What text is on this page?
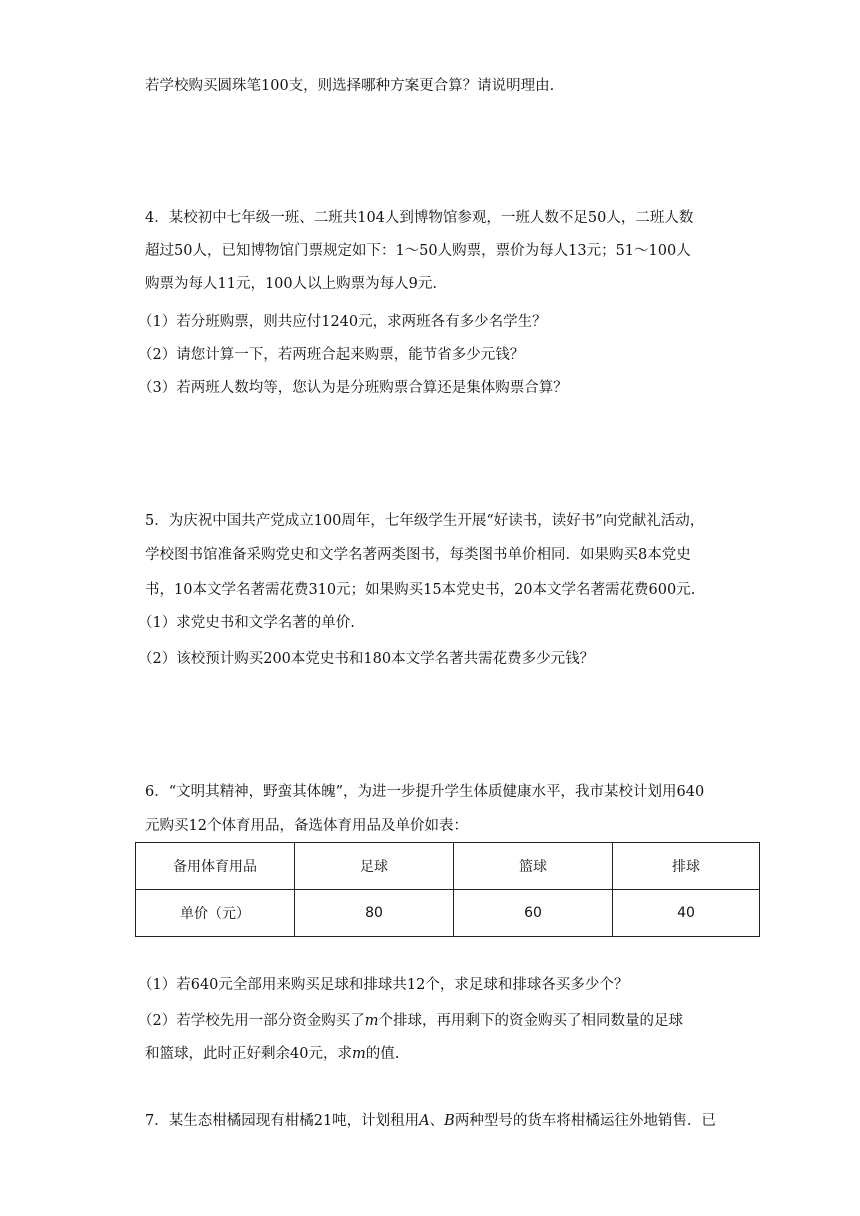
若学校购买圆珠笔100支，则选择哪种方案更合算？请说明理由.
4．某校初中七年级一班、二班共104人到博物馆参观，一班人数不足50人，二班人数
超过50人，已知博物馆门票规定如下：1～50人购票，票价为每人13元；51～100人
购票为每人11元，100人以上购票为每人9元.
（1）若分班购票，则共应付1240元，求两班各有多少名学生？
（2）请您计算一下，若两班合起来购票，能节省多少元钱？
（3）若两班人数均等，您认为是分班购票合算还是集体购票合算？
5．为庆祝中国共产党成立100周年，七年级学生开展“好读书，读好书”向党献礼活动，
学校图书馆准备采购党史和文学名著两类图书，每类图书单价相同．如果购买8本党史
书，10本文学名著需花费310元；如果购买15本党史书，20本文学名著需花费600元.
（1）求党史书和文学名著的单价.
（2）该校预计购买200本党史书和180本文学名著共需花费多少元钱？
6．“文明其精神，野蛮其体魄”，为进一步提升学生体质健康水平，我市某校计划用640
元购买12个体育用品，备选体育用品及单价如表：
备用体育用品	足球	篮球	排球
单价（元）	80	60	40
（1）若640元全部用来购买足球和排球共12个，求足球和排球各买多少个？
（2）若学校先用一部分资金购买了m个排球，再用剩下的资金购买了相同数量的足球
和篮球，此时正好剩余40元，求m的值.
7．某生态柑橘园现有柑橘21吨，计划租用A、B两种型号的货车将柑橘运往外地销售．已
